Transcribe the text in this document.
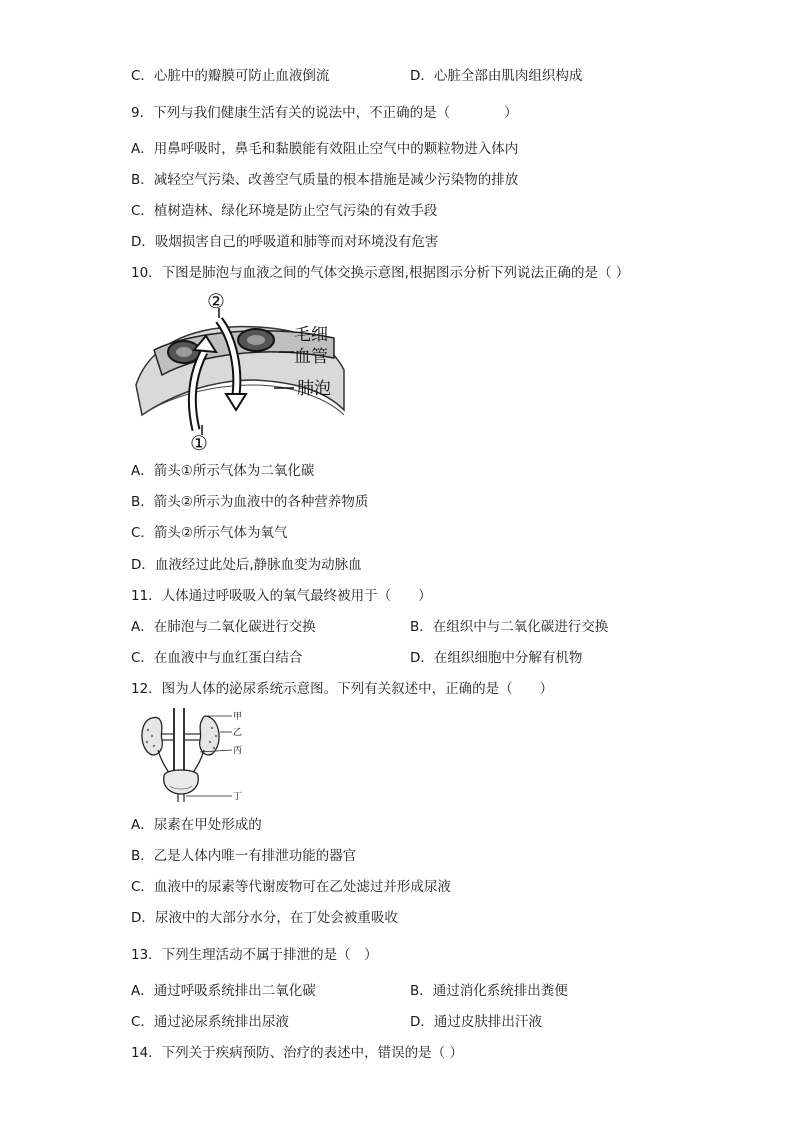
C．心脏中的瓣膜可防止血液倒流	D．心脏全部由肌肉组织构成
9．下列与我们健康生活有关的说法中，不正确的是（　　　　）
A．用鼻呼吸时，鼻毛和黏膜能有效阻止空气中的颗粒物进入体内
B．减轻空气污染、改善空气质量的根本措施是减少污染物的排放
C．植树造林、绿化环境是防止空气污染的有效手段
D．吸烟损害自己的呼吸道和肺等而对环境没有危害
10．下图是肺泡与血液之间的气体交换示意图,根据图示分析下列说法正确的是（ ）
②
①
毛细
血管
肺泡
A．箭头①所示气体为二氧化碳
B．箭头②所示为血液中的各种营养物质
C．箭头②所示气体为氧气
D．血液经过此处后,静脉血变为动脉血
11．人体通过呼吸吸入的氧气最终被用于（　　）
A．在肺泡与二氧化碳进行交换	B．在组织中与二氧化碳进行交换
C．在血液中与血红蛋白结合	D．在组织细胞中分解有机物
12．图为人体的泌尿系统示意图。下列有关叙述中，正确的是（　　）
甲
乙
丙
丁
A．尿素在甲处形成的
B．乙是人体内唯一有排泄功能的器官
C．血液中的尿素等代谢废物可在乙处滤过并形成尿液
D．尿液中的大部分水分，在丁处会被重吸收
13．下列生理活动不属于排泄的是（　）
A．通过呼吸系统排出二氧化碳	B．通过消化系统排出粪便
C．通过泌尿系统排出尿液	D．通过皮肤排出汗液
14．下列关于疾病预防、治疗的表述中，错误的是（ ）
